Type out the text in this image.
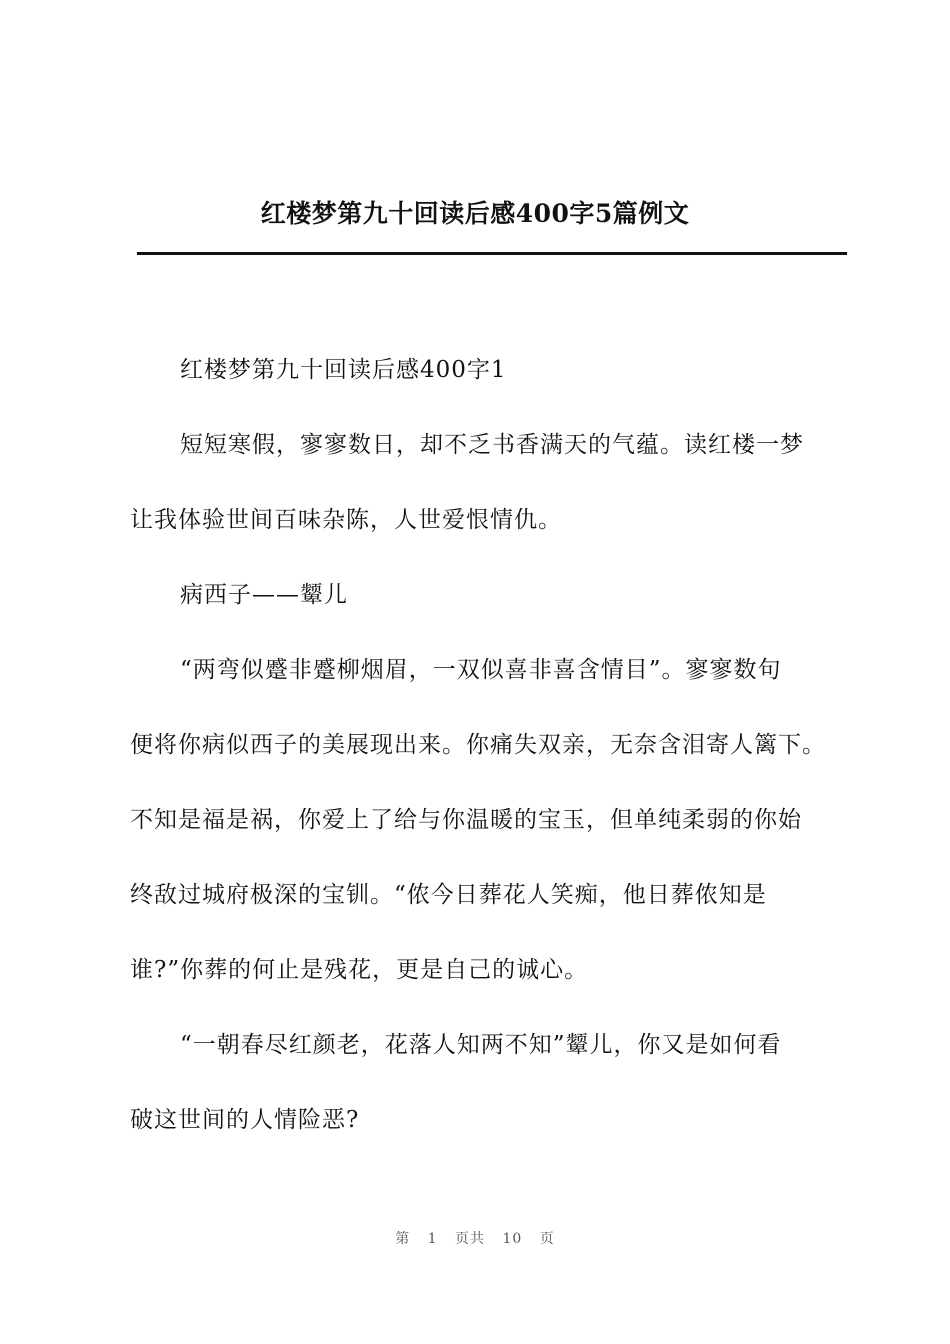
红楼梦第九十回读后感400字5篇例文
红楼梦第九十回读后感400字1
短短寒假，寥寥数日，却不乏书香满天的气蕴。读红楼一梦
让我体验世间百味杂陈，人世爱恨情仇。
病西子——颦儿
“两弯似蹙非蹙柳烟眉，一双似喜非喜含情目”。寥寥数句
便将你病似西子的美展现出来。你痛失双亲，无奈含泪寄人篱下。
不知是福是祸，你爱上了给与你温暖的宝玉，但单纯柔弱的你始
终敌过城府极深的宝钏。“侬今日葬花人笑痴，他日葬侬知是
谁?”你葬的何止是残花，更是自己的诚心。
“一朝春尽红颜老，花落人知两不知”颦儿，你又是如何看
破这世间的人情险恶?
第 1 页共 10 页
